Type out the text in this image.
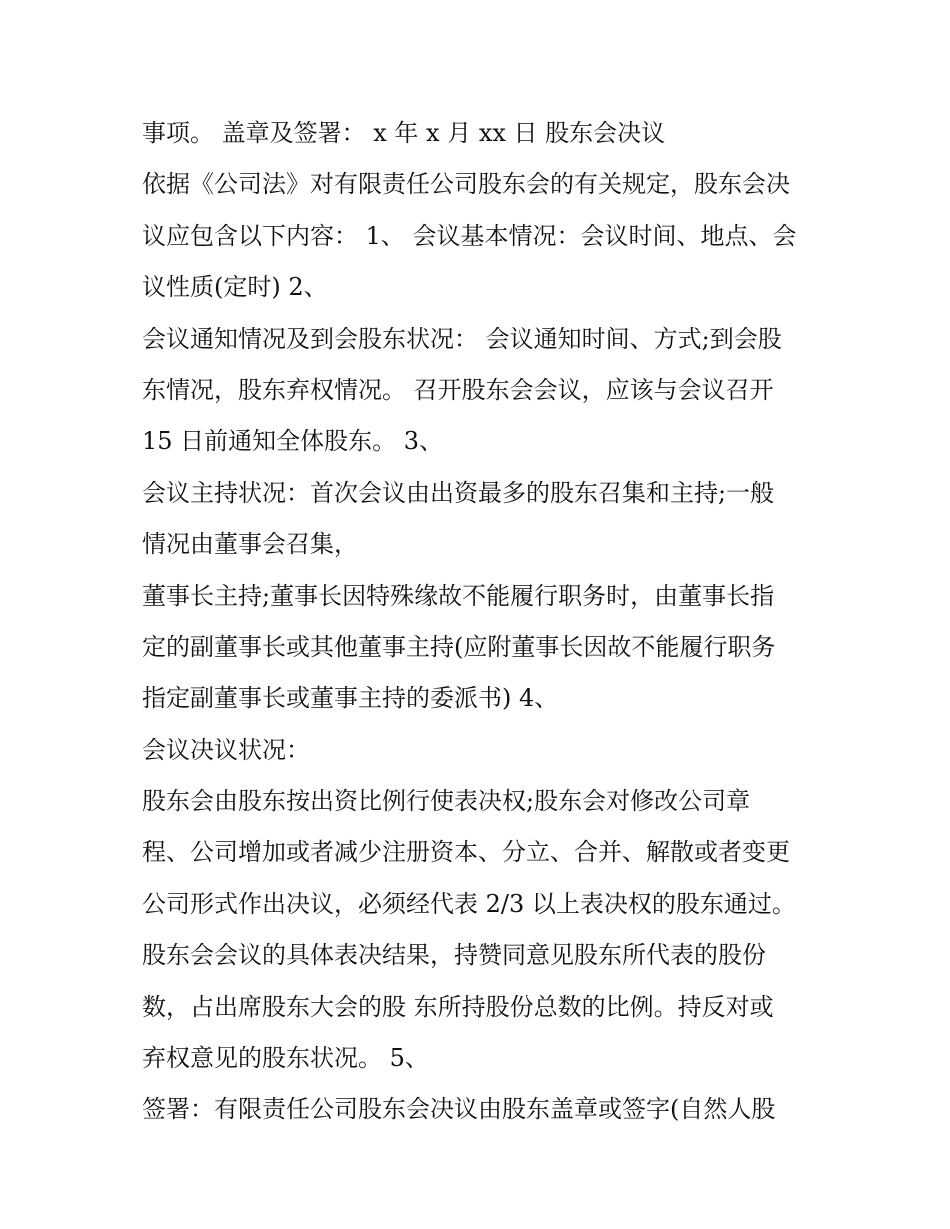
事项。 盖章及签署： x 年 x 月 xx 日 股东会决议
依据《公司法》对有限责任公司股东会的有关规定，股东会决
议应包含以下内容： 1、 会议基本情况：会议时间、地点、会
议性质(定时) 2、
会议通知情况及到会股东状况： 会议通知时间、方式;到会股
东情况，股东弃权情况。 召开股东会会议，应该与会议召开
15 日前通知全体股东。 3、
会议主持状况：首次会议由出资最多的股东召集和主持;一般
情况由董事会召集，
董事长主持;董事长因特殊缘故不能履行职务时，由董事长指
定的副董事长或其他董事主持(应附董事长因故不能履行职务
指定副董事长或董事主持的委派书) 4、
会议决议状况：
股东会由股东按出资比例行使表决权;股东会对修改公司章
程、公司增加或者减少注册资本、分立、合并、解散或者变更
公司形式作出决议，必须经代表 2/3 以上表决权的股东通过。
股东会会议的具体表决结果，持赞同意见股东所代表的股份
数，占出席股东大会的股 东所持股份总数的比例。持反对或
弃权意见的股东状况。 5、
签署：有限责任公司股东会决议由股东盖章或签字(自然人股
